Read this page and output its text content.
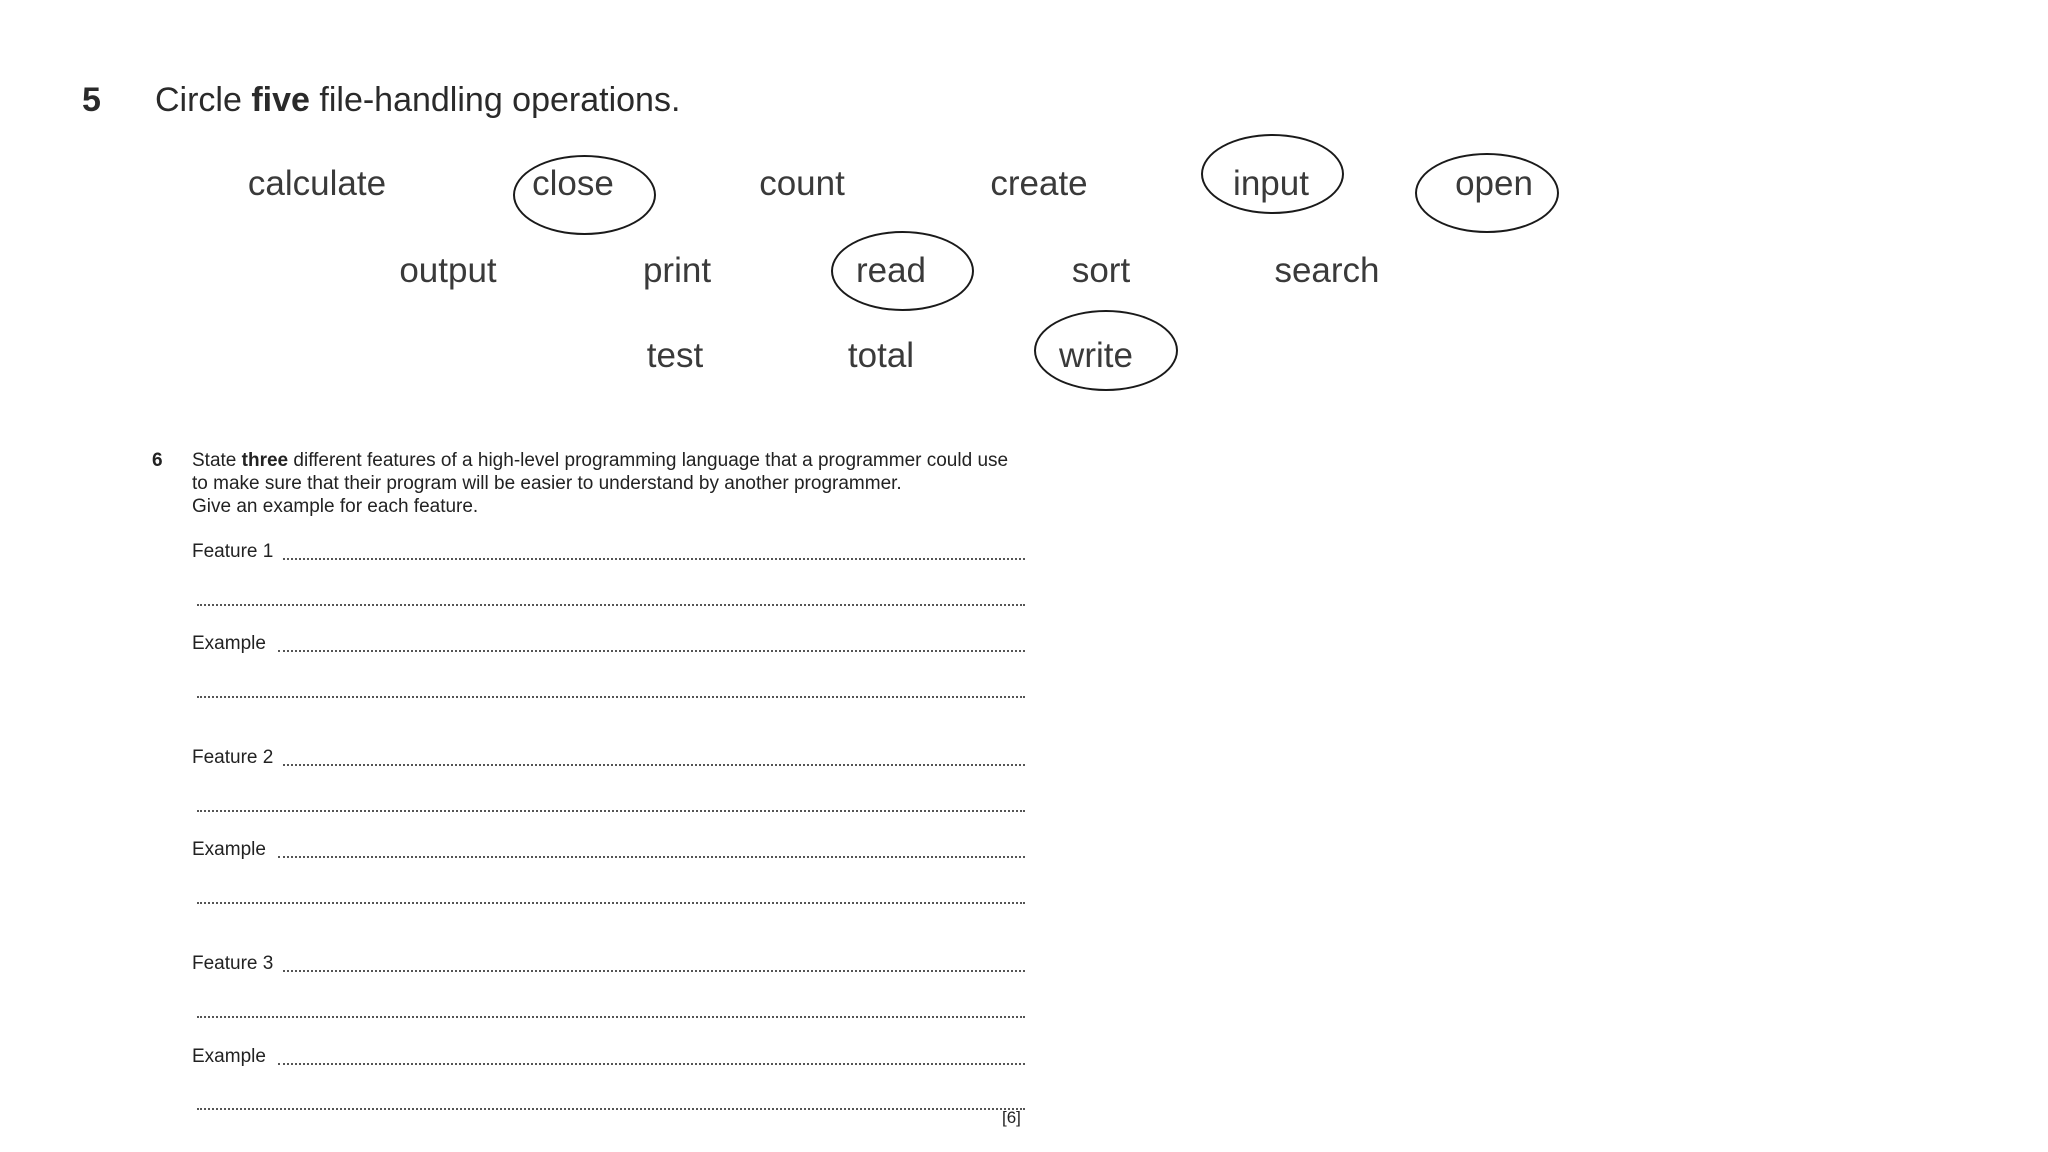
5 Circle five file-handling operations.
calculate	close	count	create	input	open
output	print	read	sort	search
test	total	write
6 State three different features of a high-level programming language that a programmer could use
to make sure that their program will be easier to understand by another programmer.
Give an example for each feature.
Feature 1
Example
Feature 2
Example
Feature 3
Example
[6]
